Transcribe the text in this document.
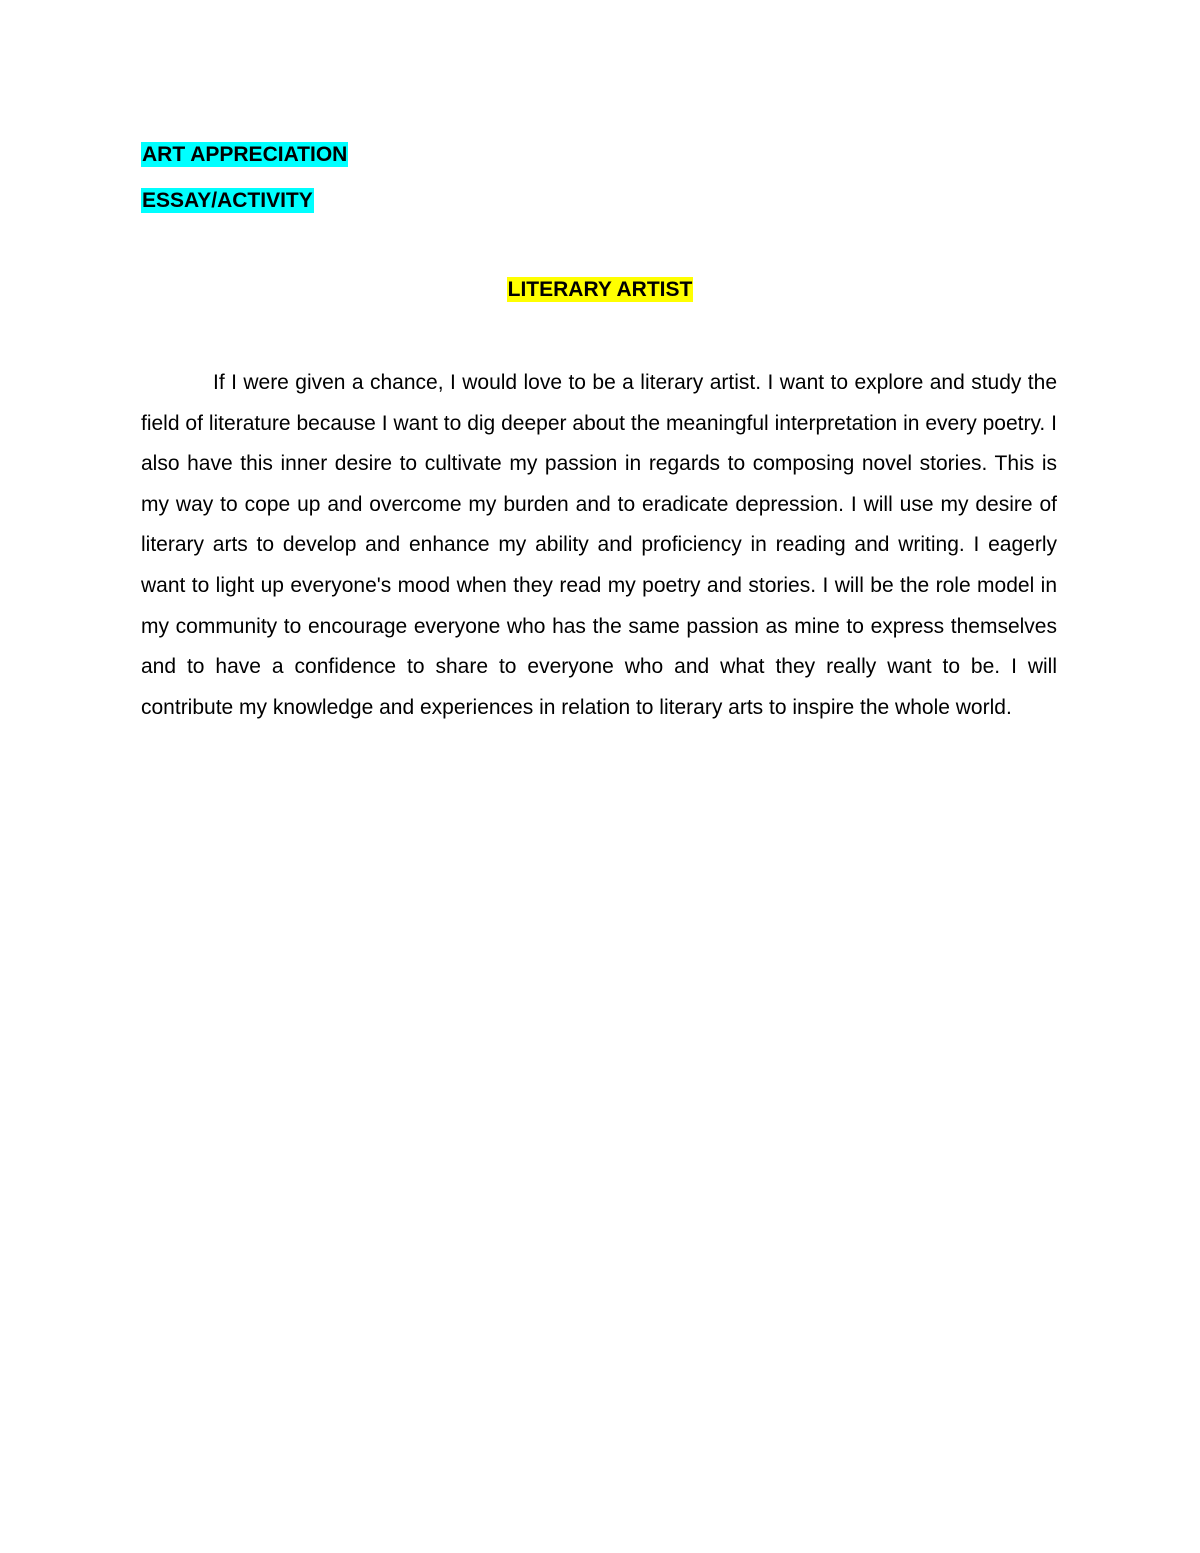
ART APPRECIATION
ESSAY/ACTIVITY
LITERARY ARTIST

If I were given a chance, I would love to be a literary artist. I want to explore and study the field of literature because I want to dig deeper about the meaningful interpretation in every poetry. I also have this inner desire to cultivate my passion in regards to composing novel stories. This is my way to cope up and overcome my burden and to eradicate depression. I will use my desire of literary arts to develop and enhance my ability and proficiency in reading and writing. I eagerly want to light up everyone's mood when they read my poetry and stories. I will be the role model in my community to encourage everyone who has the same passion as mine to express themselves and to have a confidence to share to everyone who and what they really want to be. I will contribute my knowledge and experiences in relation to literary arts to inspire the whole world.
